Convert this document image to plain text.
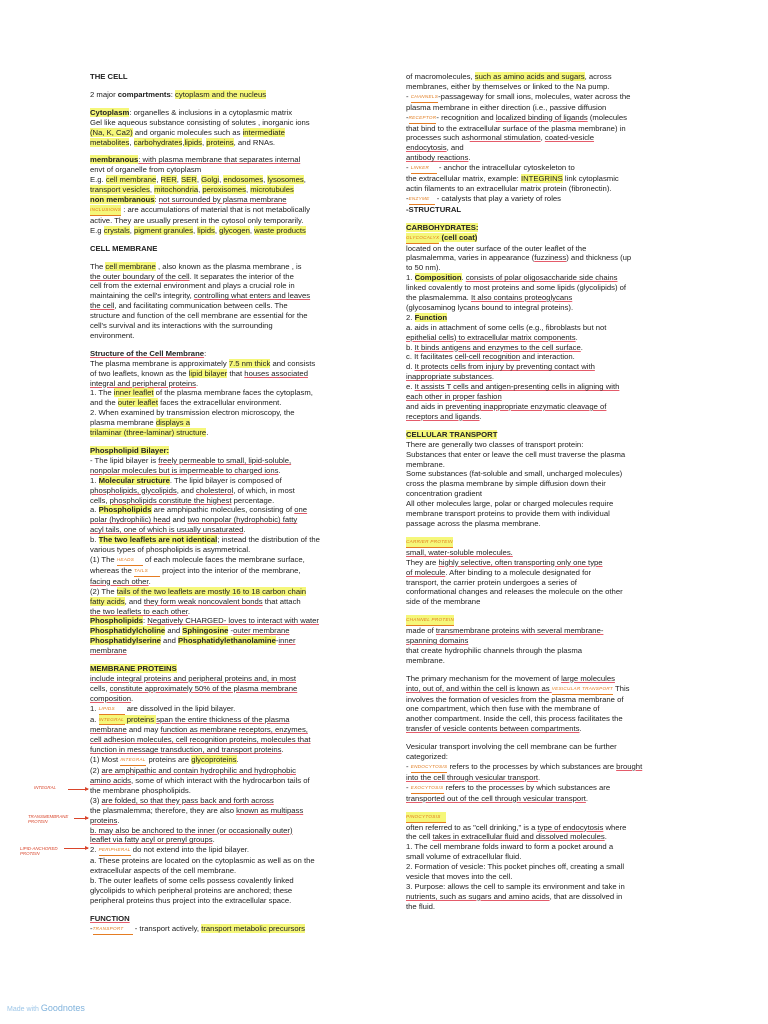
THE CELL
2 major compartments: cytoplasm and the nucleus
Cytoplasm: organelles & inclusions in a cytoplasmic matrix
Gel like aqueous substance consisting of solutes , inorganic ions
(Na, K, Ca2) and organic molecules such as intermediate
metabolites, carbohydrates lipids, proteins, and RNAs.
membranous: with plasma membrane that separates internal
envt of organelle from cytoplasm
E.g. cell membrane, RER, SER, Golgi, endosomes, lysosomes,
transport vesicles, mitochondria, peroxisomes, microtubules
non membranous: not surrounded by plasma membrane
INCLUSIONS : are accumulations of material that is not metabolically
active. They are usually present in the cytosol only temporarily.
E.g crystals, pigment granules, lipids, glycogen, waste products
CELL MEMBRANE
The cell membrane , also known as the plasma membrane , is
the outer boundary of the cell. It separates the interior of the
cell from the external environment and plays a crucial role in
maintaining the cell's integrity, controlling what enters and leaves
the cell, and facilitating communication between cells. The
structure and function of the cell membrane are essential for the
cell's survival and its interactions with the surrounding
environment.
Structure of the Cell Membrane:
The plasma membrane is approximately 7.5 nm thick and consists
of two leaflets, known as the lipid bilayer that houses associated
integral and peripheral proteins.
1. The inner leaflet of the plasma membrane faces the cytoplasm,
and the outer leaflet faces the extracellular environment.
2. When examined by transmission electron microscopy, the
plasma membrane displays a
trilaminar (three-laminar) structure.
Phospholipid Bilayer:
- The lipid bilayer is freely permeable to small, lipid-soluble,
nonpolar molecules but is impermeable to charged ions.
1. Molecular structure. The lipid bilayer is composed of
phospholipids, glycolipids, and cholesterol, of which, in most
cells, phospholipids constitute the highest percentage.
a. Phospholipids are amphipathic molecules, consisting of one
polar (hydrophilic) head and two nonpolar (hydrophobic) fatty
acyl tails, one of which is usually unsaturated.
b. The two leaflets are not identical; instead the distribution of the
various types of phospholipids is asymmetrical.
(1) The HEADS of each molecule faces the membrane surface,
whereas the TAILS project into the interior of the membrane,
facing each other.
(2) The tails of the two leaflets are mostly 16 to 18 carbon chain
fatty acids, and they form weak noncovalent bonds that attach
the two leaflets to each other.
Phospholipids: Negatively CHARGED- loves to interact with water
Phosphatidylcholine and Sphingosine -outer membrane
Phosphatidylserine and Phosphatidylethanolamine-inner
membrane
MEMBRANE PROTEINS
include integral proteins and peripheral proteins and, in most
cells, constitute approximately 50% of the plasma membrane
composition.
1. LIPIDS are dissolved in the lipid bilayer.
a. INTEGRAL proteins span the entire thickness of the plasma
membrane and may function as membrane receptors, enzymes,
cell adhesion molecules, cell recognition proteins, molecules that
function in message transduction, and transport proteins.
(1) Most INTEGRAL proteins are glycoproteins.
(2) are amphipathic and contain hydrophilic and hydrophobic
amino acids, some of which interact with the hydrocarbon tails of
the membrane phospholipids.
(3) are folded, so that they pass back and forth across
the plasmalemma; therefore, they are also known as multipass
proteins.
b. may also be anchored to the inner (or occasionally outer)
leaflet via fatty acyl or prenyl groups.
2. PERIPHERAL do not extend into the lipid bilayer.
a. These proteins are located on the cytoplasmic as well as on the
extracellular aspects of the cell membrane.
b. The outer leaflets of some cells possess covalently linked
glycolipids to which peripheral proteins are anchored; these
peripheral proteins thus project into the extracellular space.
FUNCTION
-TRANSPORT - transport actively, transport metabolic precursors
INTEGRAL
TRANSMEMBRANE PROTEIN
LIPID-ANCHORED PROTEIN
of macromolecules, such as amino acids and sugars, across
membranes, either by themselves or linked to the Na pump.
- CHANNELS-passageway for small ions, molecules, water across the
plasma membrane in either direction (i.e., passive diffusion
-RECEPTOR- recognition and localized binding of ligands (molecules
that bind to the extracellular surface of the plasma membrane) in
processes such ashormonal stimulation, coated-vesicle
endocytosis, and
antibody reactions.
- LINKER - anchor the intracellular cytoskeleton to
the extracellular matrix, example: INTEGRINS link cytoplasmic
actin filaments to an extracellular matrix protein (fibronectin).
-ENZYME - catalysts that play a variety of roles
-STRUCTURAL
CARBOHYDRATES:
GLYCOCALYX (cell coat)
located on the outer surface of the outer leaflet of the
plasmalemma, varies in appearance (fuzziness) and thickness (up
to 50 nm).
1. Composition. consists of polar oligosaccharide side chains
linked covalently to most proteins and some lipids (glycolipids) of
the plasmalemma. It also contains proteoglycans
(glycosaminog lycans bound to integral proteins).
2. Function
a. aids in attachment of some cells (e.g., fibroblasts but not
epithelial cells) to extracellular matrix components.
b. It binds antigens and enzymes to the cell surface.
c. It facilitates cell-cell recognition and interaction.
d. It protects cells from injury by preventing contact with
inappropriate substances.
e. It assists T cells and antigen-presenting cells in aligning with
each other in proper fashion
and aids in preventing inappropriate enzymatic cleavage of
receptors and ligands.
CELLULAR TRANSPORT
There are generally two classes of transport protein:
Substances that enter or leave the cell must traverse the plasma
membrane.
Some substances (fat-soluble and small, uncharged molecules)
cross the plasma membrane by simple diffusion down their
concentration gradient
All other molecules large, polar or charged molecules require
membrane transport proteins to provide them with individual
passage across the plasma membrane.
CARRIER PROTEIN
small, water-soluble molecules.
They are highly selective, often transporting only one type
of molecule. After binding to a molecule designated for
transport, the carrier protein undergoes a series of
conformational changes and releases the molecule on the other
side of the membrane
CHANNEL PROTEIN
made of transmembrane proteins with several membrane-
spanning domains
that create hydrophilic channels through the plasma
membrane.
The primary mechanism for the movement of large molecules
into, out of, and within the cell is known as VESICULAR TRANSPORT This
involves the formation of vesicles from the plasma membrane of
one compartment, which then fuse with the membrane of
another compartment. Inside the cell, this process facilitates the
transfer of vesicle contents between compartments.
Vesicular transport involving the cell membrane can be further
categorized:
- ENDOCYTOSIS refers to the processes by which substances are brought
into the cell through vesicular transport.
- EXOCYTOSIS refers to the processes by which substances are
transported out of the cell through vesicular transport.
PINOCYTOSIS
often referred to as "cell drinking," is a type of endocytosis where
the cell takes in extracellular fluid and dissolved molecules.
1. The cell membrane folds inward to form a pocket around a
small volume of extracellular fluid.
2. Formation of vesicle: This pocket pinches off, creating a small
vesicle that moves into the cell.
3. Purpose: allows the cell to sample its environment and take in
nutrients, such as sugars and amino acids, that are dissolved in
the fluid.
Made with Goodnotes
